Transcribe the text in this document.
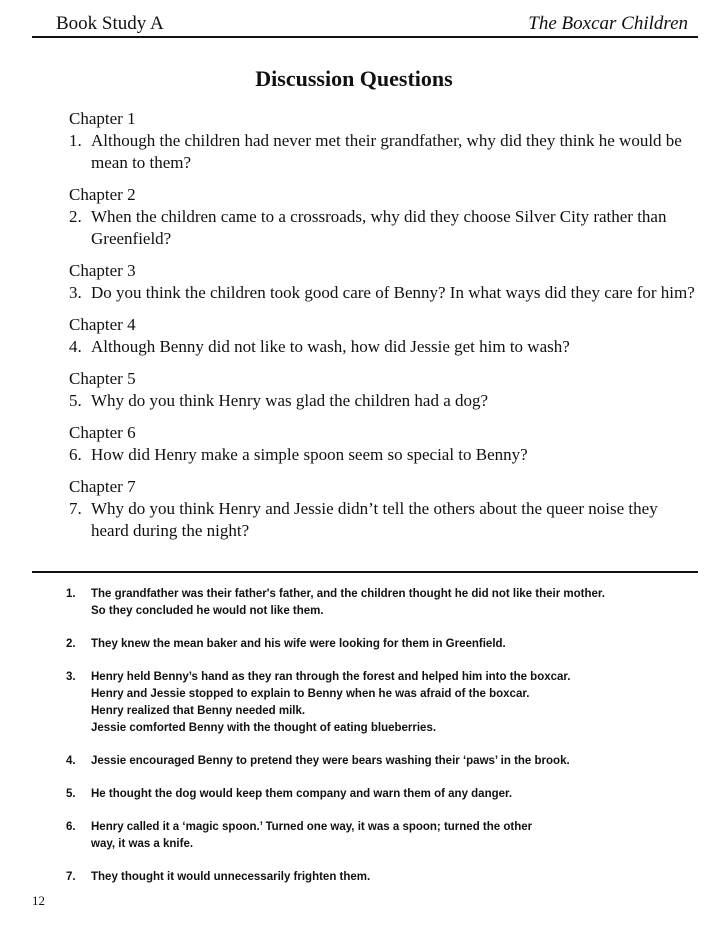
Book Study A	The Boxcar Children
Discussion Questions
Chapter 1
1. Although the children had never met their grandfather, why did they think he would be mean to them?
Chapter 2
2. When the children came to a crossroads, why did they choose Silver City rather than Greenfield?
Chapter 3
3. Do you think the children took good care of Benny? In what ways did they care for him?
Chapter 4
4. Although Benny did not like to wash, how did Jessie get him to wash?
Chapter 5
5. Why do you think Henry was glad the children had a dog?
Chapter 6
6. How did Henry make a simple spoon seem so special to Benny?
Chapter 7
7. Why do you think Henry and Jessie didn’t tell the others about the queer noise they heard during the night?
1.	The grandfather was their father's father, and the children thought he did not like their mother.
So they concluded he would not like them.
2.	They knew the mean baker and his wife were looking for them in Greenfield.
3.	Henry held Benny’s hand as they ran through the forest and helped him into the boxcar.
Henry and Jessie stopped to explain to Benny when he was afraid of the boxcar.
Henry realized that Benny needed milk.
Jessie comforted Benny with the thought of eating blueberries.
4.	Jessie encouraged Benny to pretend they were bears washing their ‘paws’ in the brook.
5.	He thought the dog would keep them company and warn them of any danger.
6.	Henry called it a ‘magic spoon.’ Turned one way, it was a spoon; turned the other
way, it was a knife.
7.	They thought it would unnecessarily frighten them.
12
